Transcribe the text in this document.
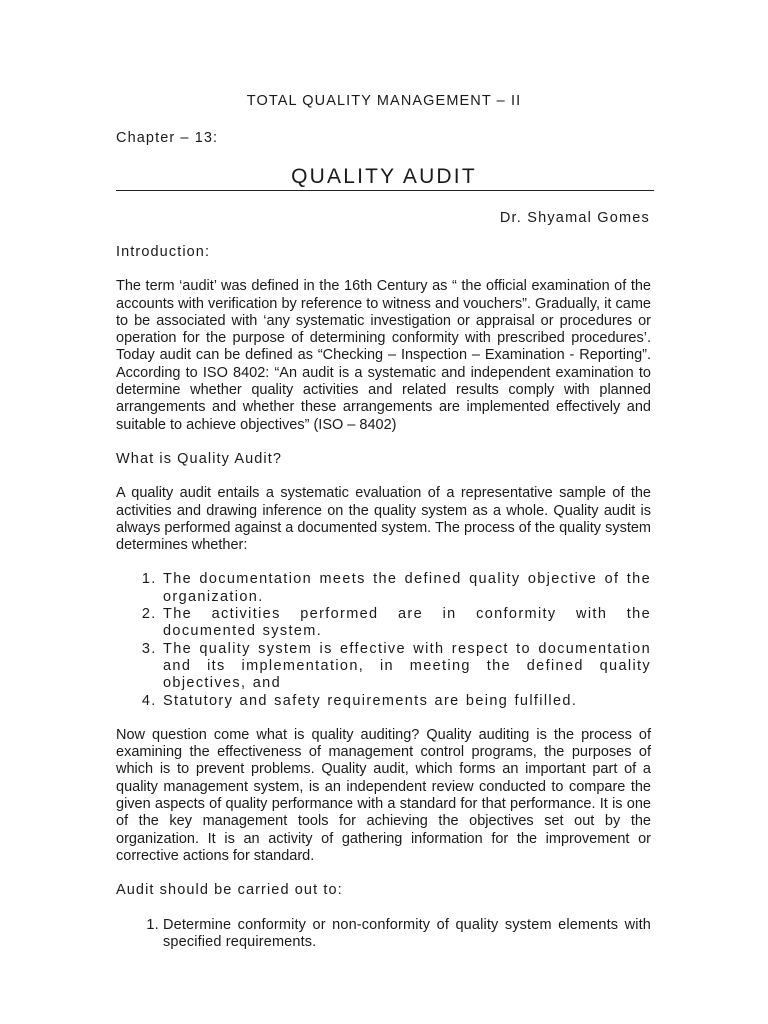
TOTAL QUALITY MANAGEMENT – II
Chapter – 13:
QUALITY AUDIT
Dr. Shyamal Gomes
Introduction:

The term ‘audit’ was defined in the 16th Century as “ the official examination of the accounts with verification by reference to witness and vouchers”. Gradually, it came to be associated with ‘any systematic investigation or appraisal or procedures or operation for the purpose of determining conformity with prescribed procedures’. Today audit can be defined as “Checking – Inspection – Examination - Reporting”. According to ISO 8402: “An audit is a systematic and independent examination to determine whether quality activities and related results comply with planned arrangements and whether these arrangements are implemented effectively and suitable to achieve objectives” (ISO – 8402)

What is Quality Audit?

A quality audit entails a systematic evaluation of a representative sample of the activities and drawing inference on the quality system as a whole. Quality audit is always performed against a documented system. The process of the quality system determines whether:

1. The documentation meets the defined quality objective of the organization.
2. The activities performed are in conformity with the documented system.
3. The quality system is effective with respect to documentation and its implementation, in meeting the defined quality objectives, and
4. Statutory and safety requirements are being fulfilled.

Now question come what is quality auditing? Quality auditing is the process of examining the effectiveness of management control programs, the purposes of which is to prevent problems. Quality audit, which forms an important part of a quality management system, is an independent review conducted to compare the given aspects of quality performance with a standard for that performance. It is one of the key management tools for achieving the objectives set out by the organization. It is an activity of gathering information for the improvement or corrective actions for standard.

Audit should be carried out to:
1. Determine conformity or non-conformity of quality system elements with specified requirements.
